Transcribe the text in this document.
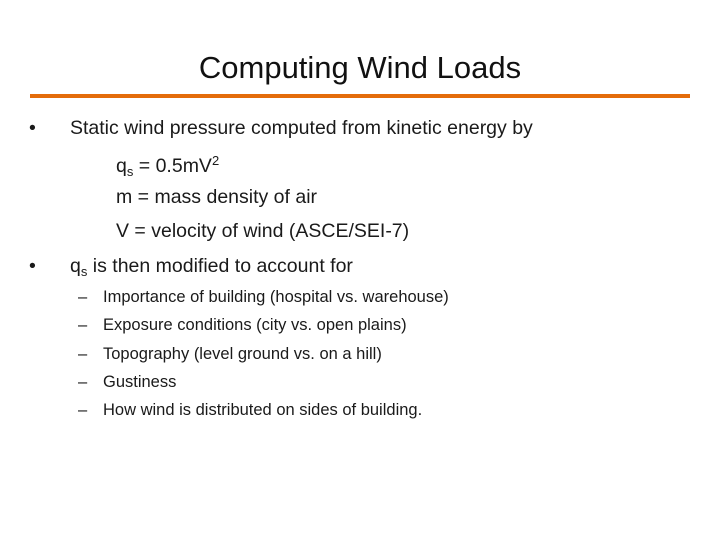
Computing Wind Loads
•	Static wind pressure computed from kinetic energy by
$q_s = 0.5mV^2$
m = mass density of air
V = velocity of wind (ASCE/SEI-7)
•	$q_s$ is then modified to account for
– Importance of building (hospital vs. warehouse)
– Exposure conditions (city vs. open plains)
– Topography (level ground vs. on a hill)
– Gustiness
– How wind is distributed on sides of building.
